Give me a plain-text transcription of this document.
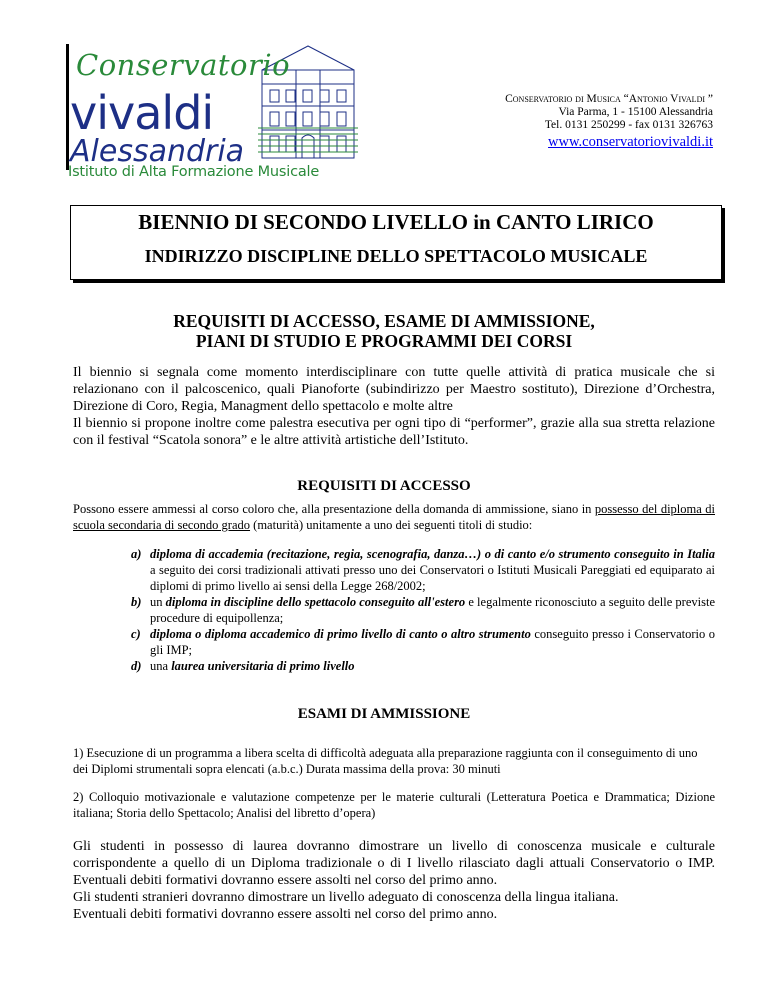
Conservatorio
vivaldi
Alessandria
Istituto di Alta Formazione Musicale
Conservatorio di Musica “Antonio Vivaldi ”
Via Parma, 1 - 15100 Alessandria
Tel. 0131 250299 - fax 0131 326763
www.conservatoriovivaldi.it
BIENNIO DI SECONDO LIVELLO in CANTO LIRICO
INDIRIZZO DISCIPLINE DELLO SPETTACOLO MUSICALE
REQUISITI DI ACCESSO, ESAME DI AMMISSIONE,
PIANI DI STUDIO E PROGRAMMI DEI CORSI

Il biennio si segnala come momento interdisciplinare con tutte quelle attività di pratica musicale che si relazionano con il palcoscenico, quali Pianoforte (subindirizzo per Maestro sostituto), Direzione d’Orchestra, Direzione di Coro, Regia, Managment dello spettacolo e molte altre

Il biennio si propone inoltre come palestra esecutiva per ogni tipo di “performer”, grazie alla sua stretta relazione con il festival “Scatola sonora” e le altre attività artistiche dell’Istituto.

REQUISITI DI ACCESSO
Possono essere ammessi al corso coloro che, alla presentazione della domanda di ammissione, siano in possesso del diploma di scuola secondaria di secondo grado (maturità) unitamente a uno dei seguenti titoli di studio:
a) diploma di accademia (recitazione, regia, scenografia, danza…) o di canto e/o strumento conseguito in Italia a seguito dei corsi tradizionali attivati presso uno dei Conservatori o Istituti Musicali Pareggiati ed equiparato ai diplomi di primo livello ai sensi della Legge 268/2002;
b) un diploma in discipline dello spettacolo conseguito all'estero e legalmente riconosciuto a seguito delle previste procedure di equipollenza;
c) diploma o diploma accademico di primo livello di canto o altro strumento conseguito presso i Conservatorio o gli IMP;
d) una laurea universitaria di primo livello
ESAMI DI AMMISSIONE
1) Esecuzione di un programma a libera scelta di difficoltà adeguata alla preparazione raggiunta con il conseguimento di uno dei Diplomi strumentali sopra elencati (a.b.c.) Durata massima della prova: 30 minuti
2) Colloquio motivazionale e valutazione competenze per le materie culturali (Letteratura Poetica e Drammatica; Dizione italiana; Storia dello Spettacolo; Analisi del libretto d’opera)

Gli studenti in possesso di laurea dovranno dimostrare un livello di conoscenza musicale e culturale corrispondente a quello di un Diploma tradizionale o di I livello rilasciato dagli attuali Conservatorio o IMP. Eventuali debiti formativi dovranno essere assolti nel corso del primo anno.

Gli studenti stranieri dovranno dimostrare un livello adeguato di conoscenza della lingua italiana.

Eventuali debiti formativi dovranno essere assolti nel corso del primo anno.
